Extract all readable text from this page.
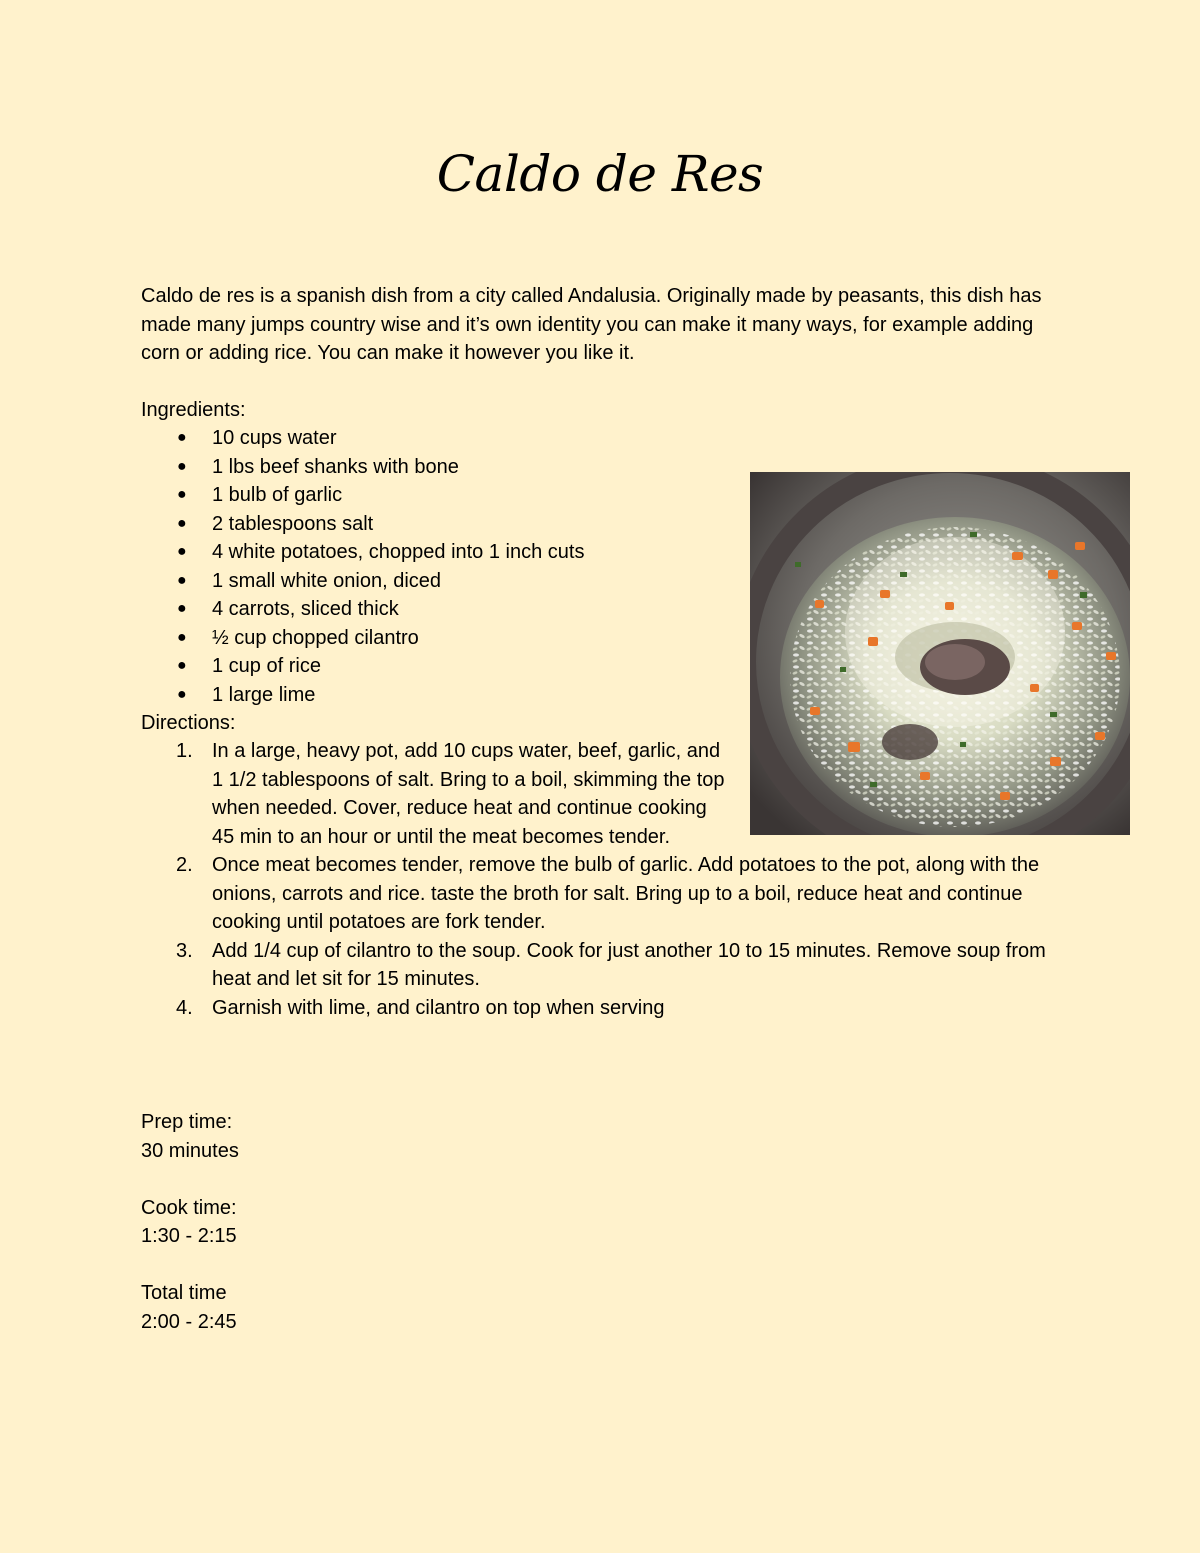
Caldo de Res
Caldo de res is a spanish dish from a city called Andalusia. Originally made by peasants, this dish has made many jumps country wise and it’s own identity you can make it many ways, for example adding corn or adding rice. You can make it however you like it.
Ingredients:
● 10 cups water
● 1 lbs beef shanks with bone
● 1 bulb of garlic
● 2 tablespoons salt
● 4 white potatoes, chopped into 1 inch cuts
● 1 small white onion, diced
● 4 carrots, sliced thick
● ½ cup chopped cilantro
● 1 cup of rice
● 1 large lime
Directions:
1. In a large, heavy pot, add 10 cups water, beef, garlic, and 1 1/2 tablespoons of salt. Bring to a boil, skimming the top when needed. Cover, reduce heat and continue cooking 45 min to an hour or until the meat becomes tender.
2. Once meat becomes tender, remove the bulb of garlic. Add potatoes to the pot, along with the onions, carrots and rice. taste the broth for salt. Bring up to a boil, reduce heat and continue cooking until potatoes are fork tender.
3. Add 1/4 cup of cilantro to the soup. Cook for just another 10 to 15 minutes. Remove soup from heat and let sit for 15 minutes.
4. Garnish with lime, and cilantro on top when serving
Prep time:
30 minutes
Cook time:
1:30 - 2:15
Total time
2:00 - 2:45
